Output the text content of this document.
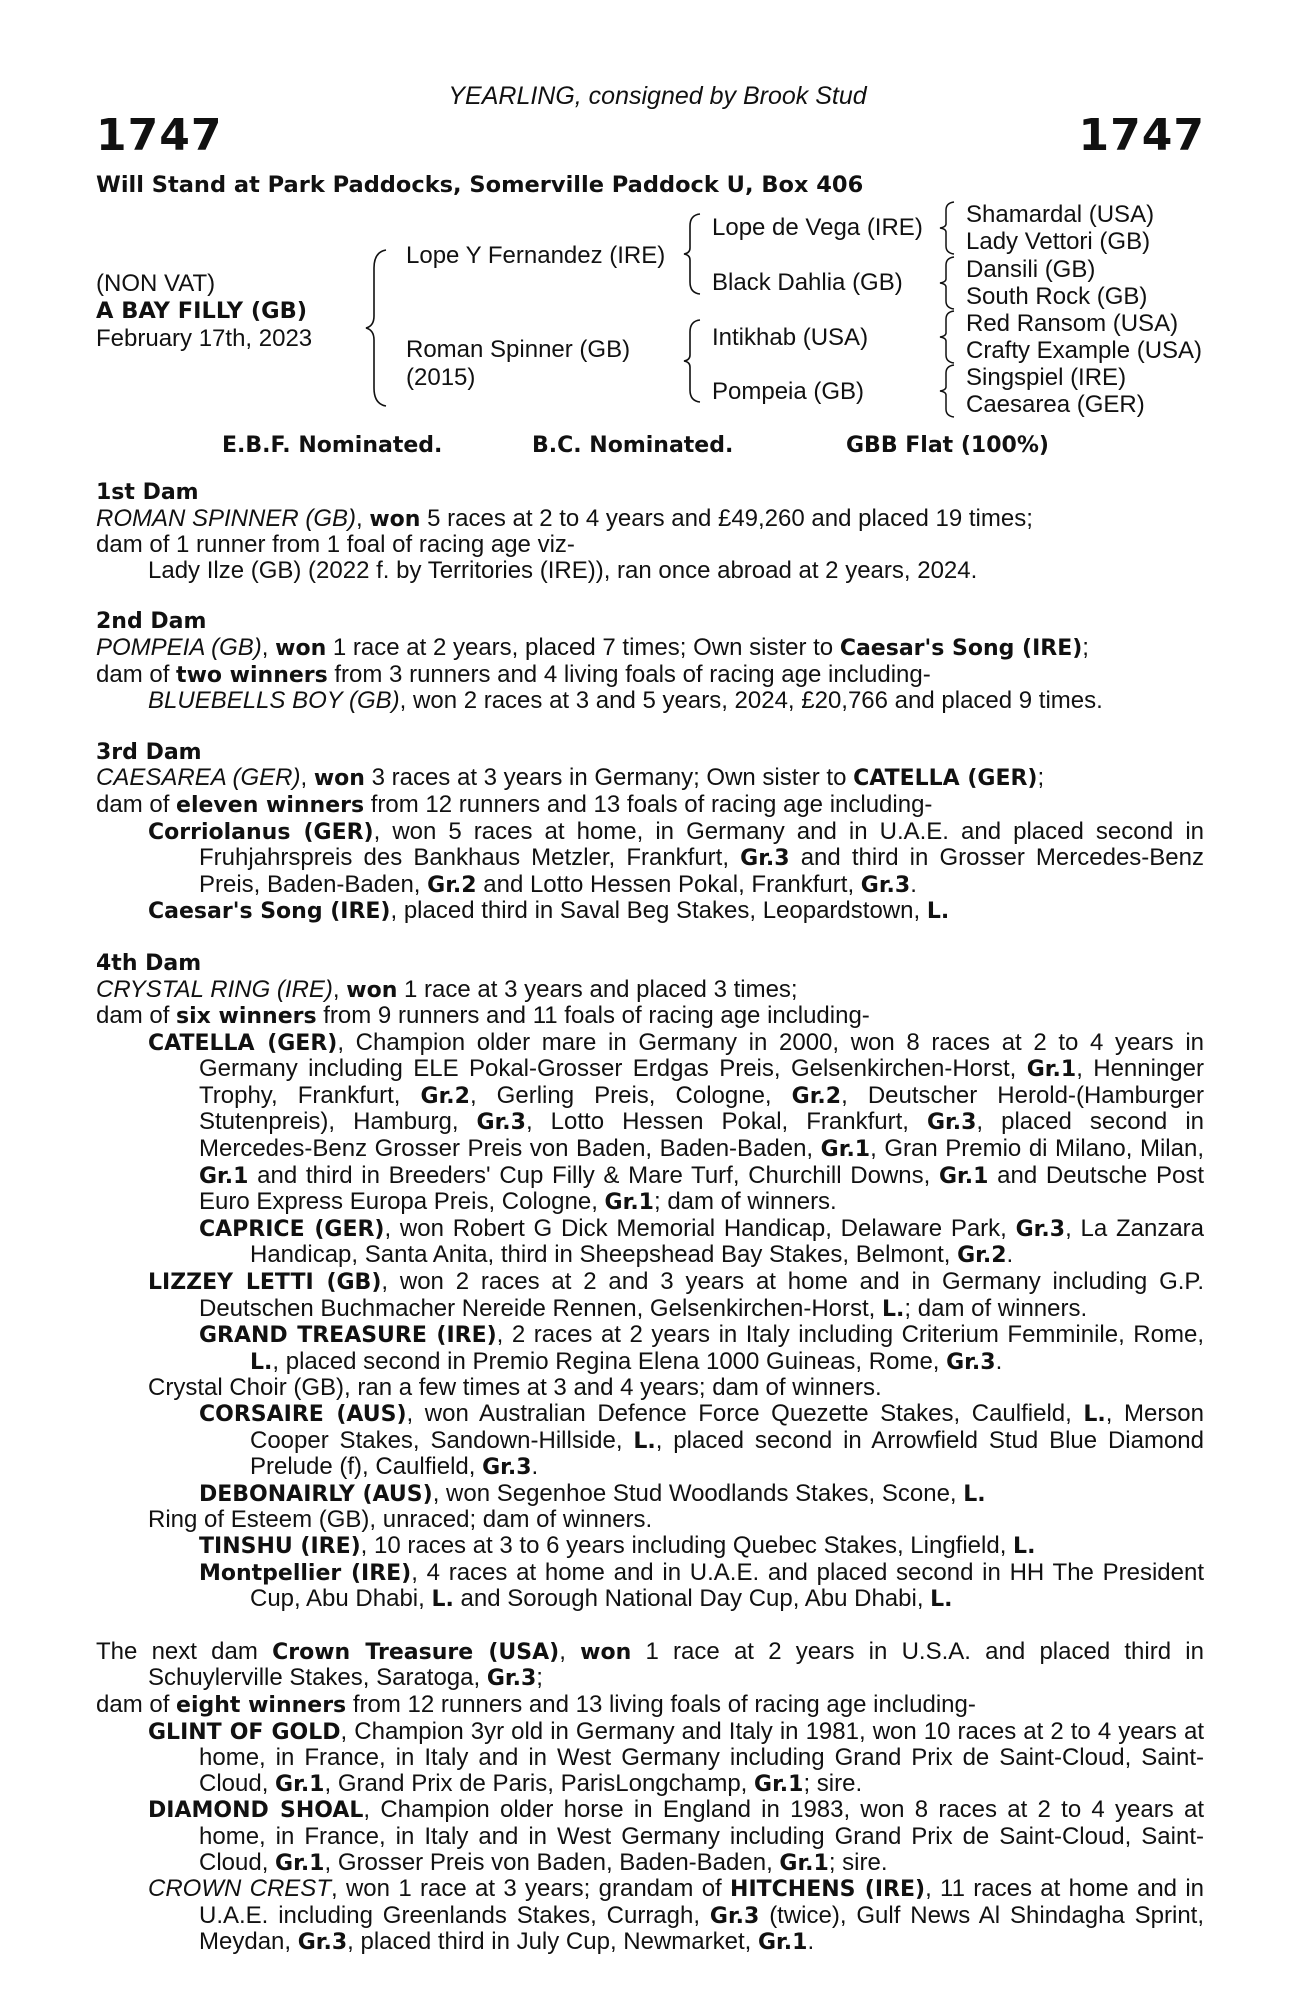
YEARLING, consigned by Brook Stud
1747	1747
Will Stand at Park Paddocks, Somerville Paddock U, Box 406
(NON VAT)
A BAY FILLY (GB)
February 17th, 2023
Lope Y Fernandez (IRE)
Roman Spinner (GB)
(2015)
Lope de Vega (IRE)
Black Dahlia (GB)
Intikhab (USA)
Pompeia (GB)
Shamardal (USA)
Lady Vettori (GB)
Dansili (GB)
South Rock (GB)
Red Ransom (USA)
Crafty Example (USA)
Singspiel (IRE)
Caesarea (GER)
E.B.F. Nominated.	B.C. Nominated.	GBB Flat (100%)
1st Dam
ROMAN SPINNER (GB), won 5 races at 2 to 4 years and £49,260 and placed 19 times;
dam of 1 runner from 1 foal of racing age viz-
Lady Ilze (GB) (2022 f. by Territories (IRE)), ran once abroad at 2 years, 2024.
2nd Dam
POMPEIA (GB), won 1 race at 2 years, placed 7 times; Own sister to Caesar's Song (IRE);
dam of two winners from 3 runners and 4 living foals of racing age including-
BLUEBELLS BOY (GB), won 2 races at 3 and 5 years, 2024, £20,766 and placed 9 times.
3rd Dam
CAESAREA (GER), won 3 races at 3 years in Germany; Own sister to CATELLA (GER);
dam of eleven winners from 12 runners and 13 foals of racing age including-
Corriolanus (GER), won 5 races at home, in Germany and in U.A.E. and placed second in Fruhjahrspreis des Bankhaus Metzler, Frankfurt, Gr.3 and third in Grosser Mercedes-Benz Preis, Baden-Baden, Gr.2 and Lotto Hessen Pokal, Frankfurt, Gr.3.
Caesar's Song (IRE), placed third in Saval Beg Stakes, Leopardstown, L.
4th Dam
CRYSTAL RING (IRE), won 1 race at 3 years and placed 3 times;
dam of six winners from 9 runners and 11 foals of racing age including-
CATELLA (GER), Champion older mare in Germany in 2000, won 8 races at 2 to 4 years in Germany including ELE Pokal-Grosser Erdgas Preis, Gelsenkirchen-Horst, Gr.1, Henninger Trophy, Frankfurt, Gr.2, Gerling Preis, Cologne, Gr.2, Deutscher Herold-(Hamburger Stutenpreis), Hamburg, Gr.3, Lotto Hessen Pokal, Frankfurt, Gr.3, placed second in Mercedes-Benz Grosser Preis von Baden, Baden-Baden, Gr.1, Gran Premio di Milano, Milan, Gr.1 and third in Breeders' Cup Filly & Mare Turf, Churchill Downs, Gr.1 and Deutsche Post Euro Express Europa Preis, Cologne, Gr.1; dam of winners.
CAPRICE (GER), won Robert G Dick Memorial Handicap, Delaware Park, Gr.3, La Zanzara Handicap, Santa Anita, third in Sheepshead Bay Stakes, Belmont, Gr.2.
LIZZEY LETTI (GB), won 2 races at 2 and 3 years at home and in Germany including G.P. Deutschen Buchmacher Nereide Rennen, Gelsenkirchen-Horst, L.; dam of winners.
GRAND TREASURE (IRE), 2 races at 2 years in Italy including Criterium Femminile, Rome, L., placed second in Premio Regina Elena 1000 Guineas, Rome, Gr.3.
Crystal Choir (GB), ran a few times at 3 and 4 years; dam of winners.
CORSAIRE (AUS), won Australian Defence Force Quezette Stakes, Caulfield, L., Merson Cooper Stakes, Sandown-Hillside, L., placed second in Arrowfield Stud Blue Diamond Prelude (f), Caulfield, Gr.3.
DEBONAIRLY (AUS), won Segenhoe Stud Woodlands Stakes, Scone, L.
Ring of Esteem (GB), unraced; dam of winners.
TINSHU (IRE), 10 races at 3 to 6 years including Quebec Stakes, Lingfield, L.
Montpellier (IRE), 4 races at home and in U.A.E. and placed second in HH The President Cup, Abu Dhabi, L. and Sorough National Day Cup, Abu Dhabi, L.
The next dam Crown Treasure (USA), won 1 race at 2 years in U.S.A. and placed third in Schuylerville Stakes, Saratoga, Gr.3;
dam of eight winners from 12 runners and 13 living foals of racing age including-
GLINT OF GOLD, Champion 3yr old in Germany and Italy in 1981, won 10 races at 2 to 4 years at home, in France, in Italy and in West Germany including Grand Prix de Saint-Cloud, Saint-Cloud, Gr.1, Grand Prix de Paris, ParisLongchamp, Gr.1; sire.
DIAMOND SHOAL, Champion older horse in England in 1983, won 8 races at 2 to 4 years at home, in France, in Italy and in West Germany including Grand Prix de Saint-Cloud, Saint-Cloud, Gr.1, Grosser Preis von Baden, Baden-Baden, Gr.1; sire.
CROWN CREST, won 1 race at 3 years; grandam of HITCHENS (IRE), 11 races at home and in U.A.E. including Greenlands Stakes, Curragh, Gr.3 (twice), Gulf News Al Shindagha Sprint, Meydan, Gr.3, placed third in July Cup, Newmarket, Gr.1.
